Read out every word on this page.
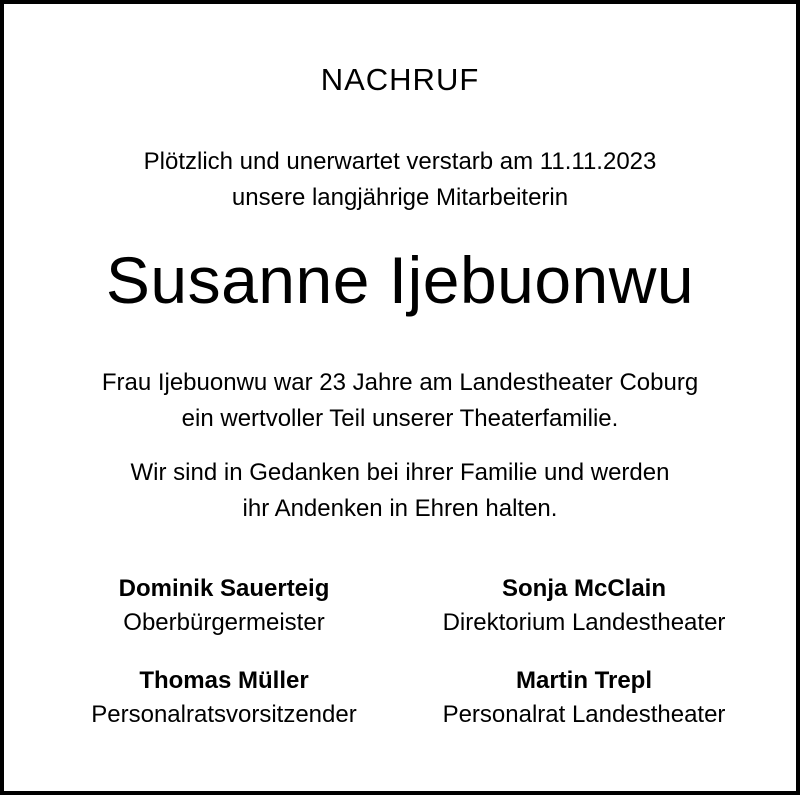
NACHRUF
Plötzlich und unerwartet verstarb am 11.11.2023
unsere langjährige Mitarbeiterin
Susanne Ijebuonwu
Frau Ijebuonwu war 23 Jahre am Landestheater Coburg
ein wertvoller Teil unserer Theaterfamilie.
Wir sind in Gedanken bei ihrer Familie und werden
ihr Andenken in Ehren halten.
Dominik Sauerteig
Oberbürgermeister
Sonja McClain
Direktorium Landestheater
Thomas Müller
Personalratsvorsitzender
Martin Trepl
Personalrat Landestheater
